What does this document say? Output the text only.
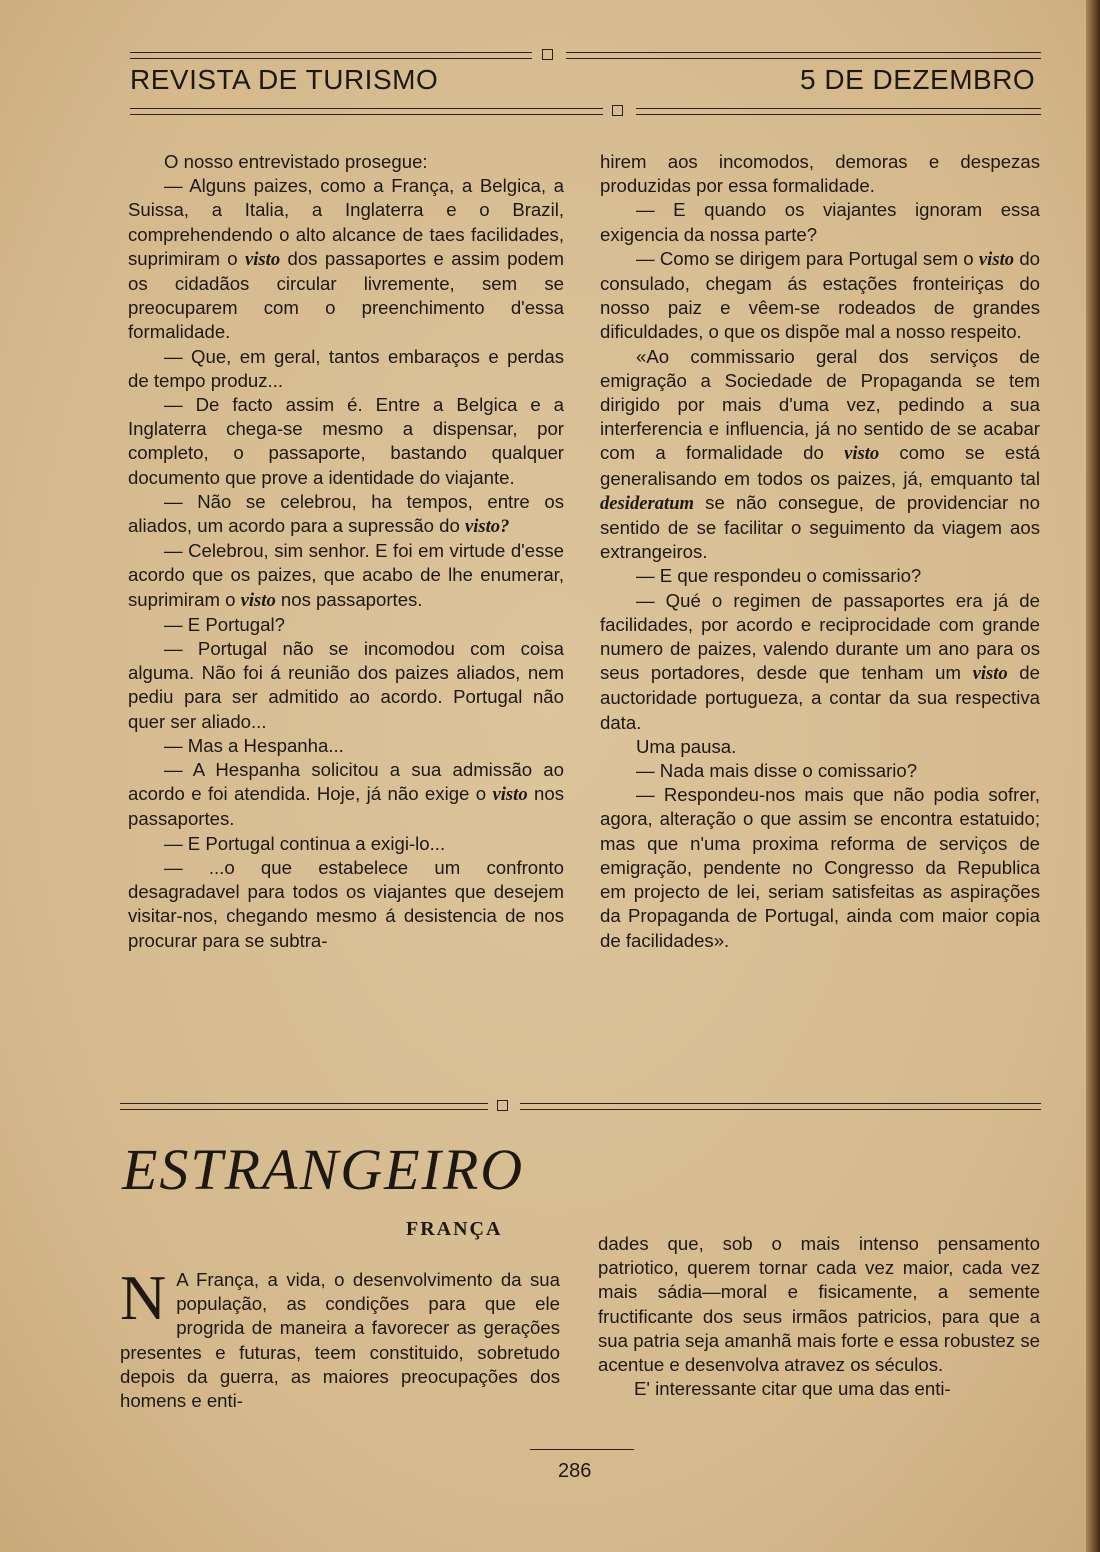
REVISTA DE TURISMO	5 DE DEZEMBRO

O nosso entrevistado prosegue:

— Alguns paizes, como a França, a Belgica, a Suissa, a Italia, a Inglaterra e o Brazil, comprehendendo o alto alcance de taes facilidades, suprimiram o visto dos passaportes e assim podem os cidadãos circular livremente, sem se preocuparem com o preenchimento d'essa formalidade.

— Que, em geral, tantos embaraços e perdas de tempo produz...

— De facto assim é. Entre a Belgica e a Inglaterra chega-se mesmo a dispensar, por completo, o passaporte, bastando qualquer documento que prove a identidade do viajante.

— Não se celebrou, ha tempos, entre os aliados, um acordo para a supressão do visto?

— Celebrou, sim senhor. E foi em virtude d'esse acordo que os paizes, que acabo de lhe enumerar, suprimiram o visto nos passaportes.

— E Portugal?

— Portugal não se incomodou com coisa alguma. Não foi á reunião dos paizes aliados, nem pediu para ser admitido ao acordo. Portugal não quer ser aliado...

— Mas a Hespanha...

— A Hespanha solicitou a sua admissão ao acordo e foi atendida. Hoje, já não exige o visto nos passaportes.

— E Portugal continua a exigi-lo...

— ...o que estabelece um confronto desagradavel para todos os viajantes que desejem visitar-nos, chegando mesmo á desistencia de nos procurar para se subtra-

hirem aos incomodos, demoras e despezas produzidas por essa formalidade.

— E quando os viajantes ignoram essa exigencia da nossa parte?

— Como se dirigem para Portugal sem o visto do consulado, chegam ás estações fronteiriças do nosso paiz e vêem-se rodeados de grandes dificuldades, o que os dispõe mal a nosso respeito.

«Ao commissario geral dos serviços de emigração a Sociedade de Propaganda se tem dirigido por mais d'uma vez, pedindo a sua interferencia e influencia, já no sentido de se acabar com a formalidade do visto como se está generalisando em todos os paizes, já, emquanto tal desideratum se não consegue, de providenciar no sentido de se facilitar o seguimento da viagem aos extrangeiros.

— E que respondeu o comissario?

— Qué o regimen de passaportes era já de facilidades, por acordo e reciprocidade com grande numero de paizes, valendo durante um ano para os seus portadores, desde que tenham um visto de auctoridade portugueza, a contar da sua respectiva data.

Uma pausa.

— Nada mais disse o comissario?

— Respondeu-nos mais que não podia sofrer, agora, alteração o que assim se encontra estatuido; mas que n'uma proxima reforma de serviços de emigração, pendente no Congresso da Republica em projecto de lei, seriam satisfeitas as aspirações da Propaganda de Portugal, ainda com maior copia de facilidades».

ESTRANGEIRO
FRANÇA

N A França, a vida, o desenvolvimento da sua população, as condições para que ele progrida de maneira a favorecer as gerações presentes e futuras, teem constituido, sobretudo depois da guerra, as maiores preocupações dos homens e enti-

dades que, sob o mais intenso pensamento patriotico, querem tornar cada vez maior, cada vez mais sádia—moral e fisicamente, a semente fructificante dos seus irmãos patricios, para que a sua patria seja amanhã mais forte e essa robustez se acentue e desenvolva atravez os séculos.

E' interessante citar que uma das enti-

286
